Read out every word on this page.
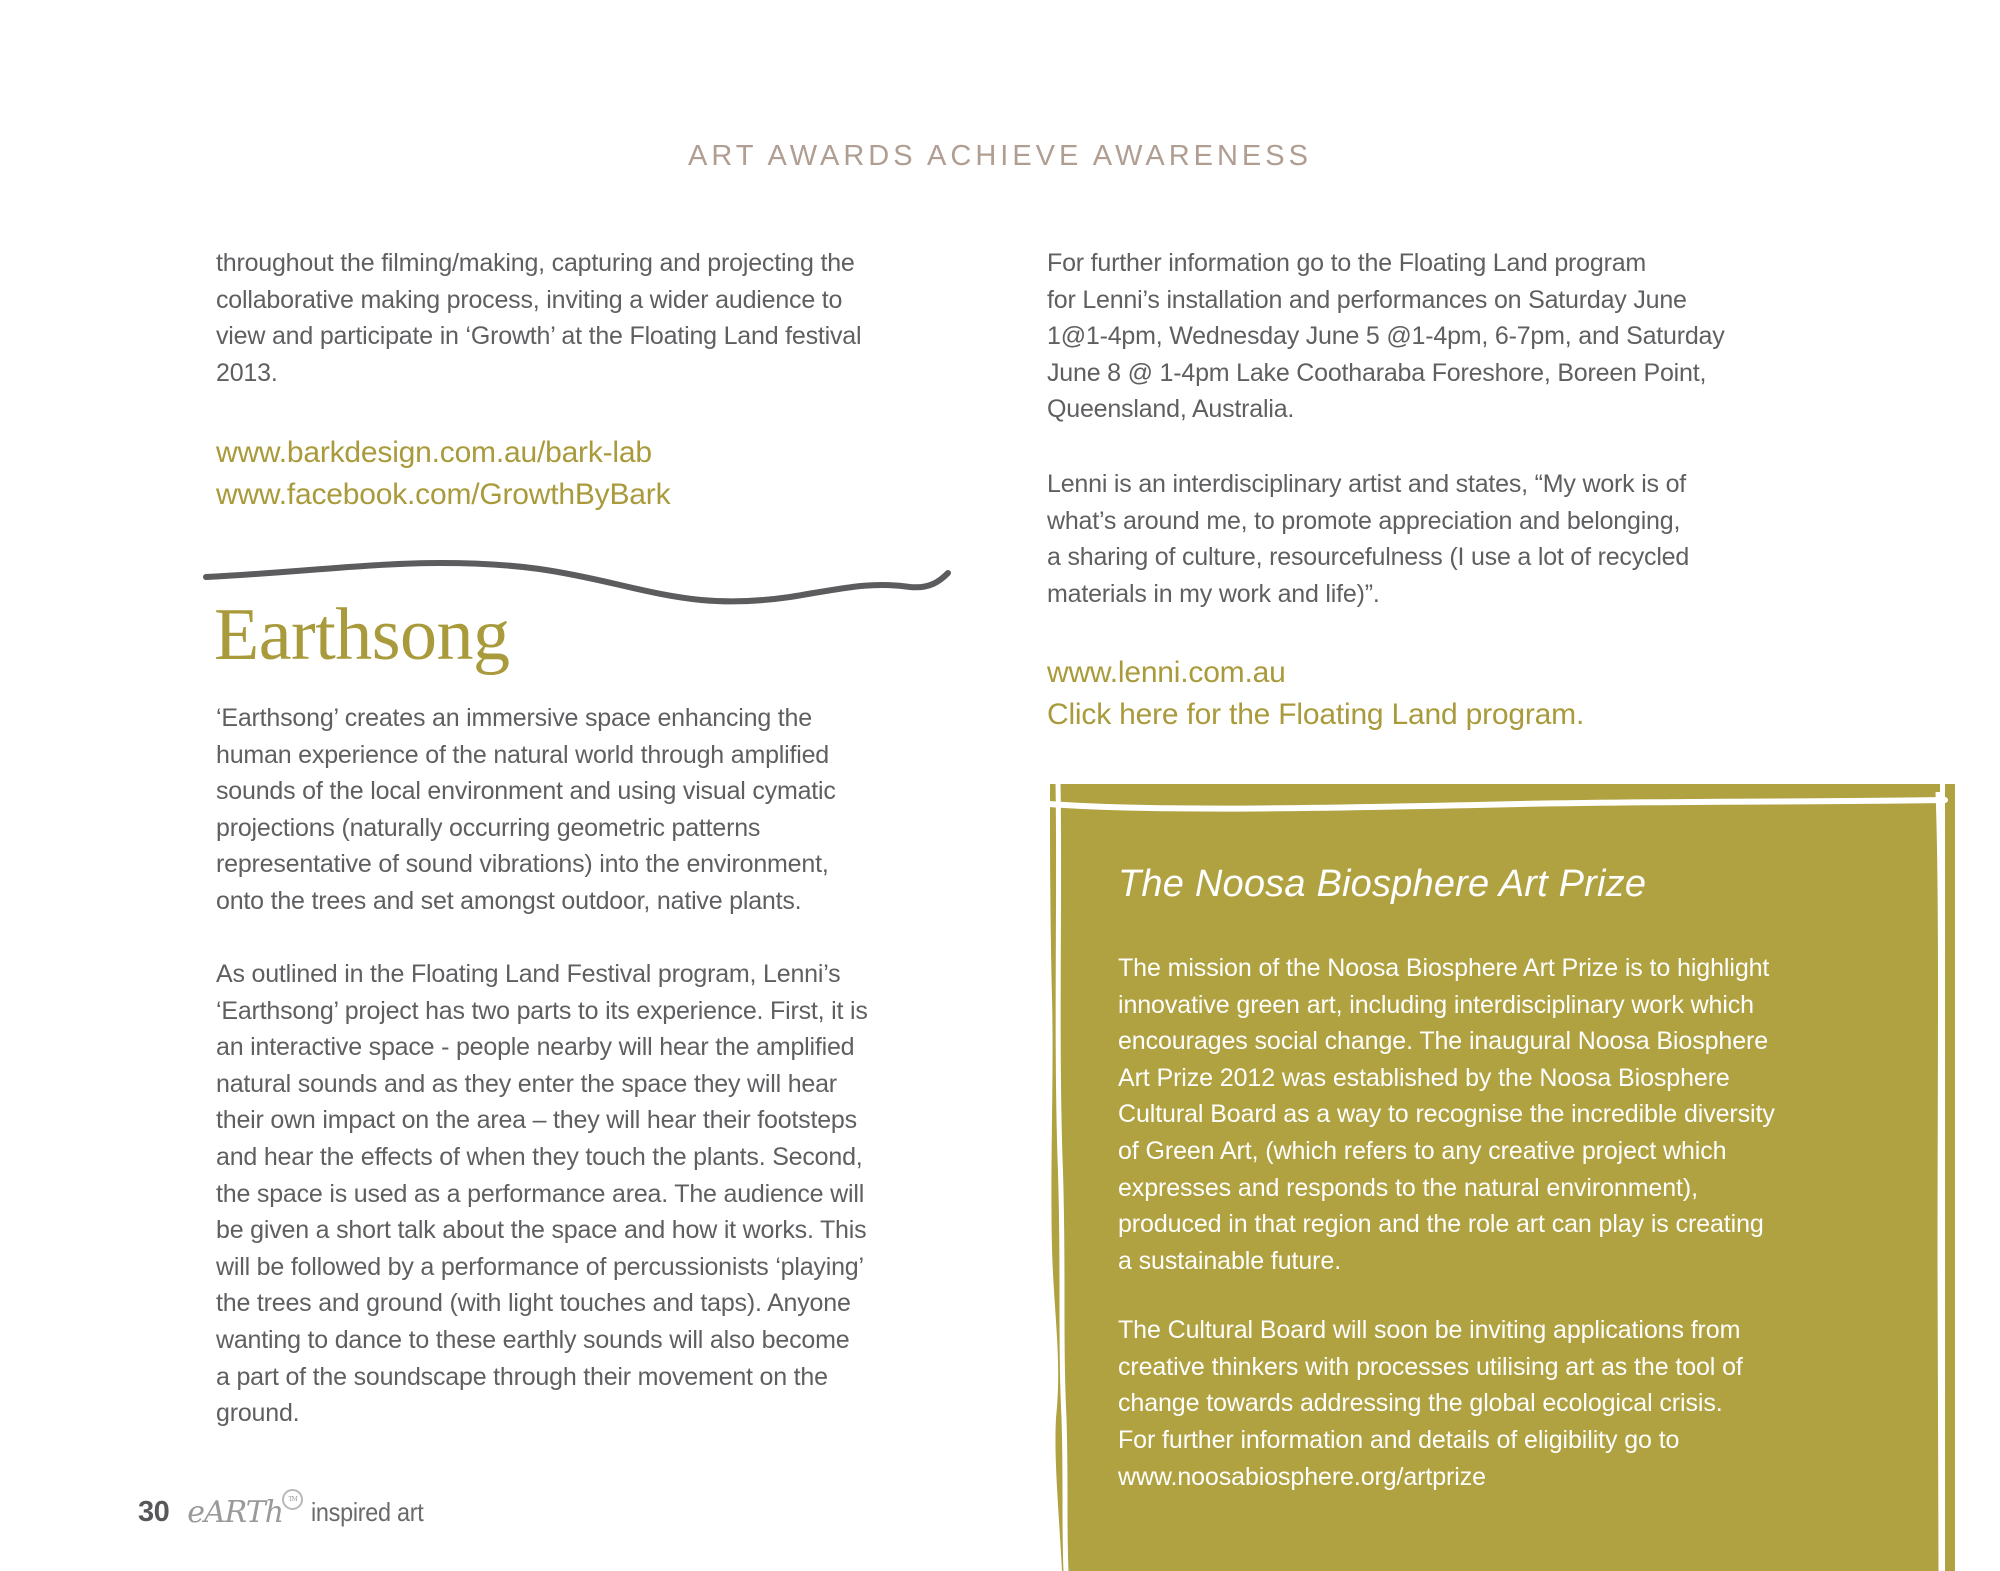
ART AWARDS ACHIEVE AWARENESS

throughout the filming/making, capturing and projecting the
collaborative making process, inviting a wider audience to
view and participate in ‘Growth’ at the Floating Land festival
2013.

www.barkdesign.com.au/bark-lab
www.facebook.com/GrowthByBark
Earthsong

‘Earthsong’ creates an immersive space enhancing the
human experience of the natural world through amplified
sounds of the local environment and using visual cymatic
projections (naturally occurring geometric patterns
representative of sound vibrations) into the environment,
onto the trees and set amongst outdoor, native plants.

As outlined in the Floating Land Festival program, Lenni’s
‘Earthsong’ project has two parts to its experience. First, it is
an interactive space - people nearby will hear the amplified
natural sounds and as they enter the space they will hear
their own impact on the area – they will hear their footsteps
and hear the effects of when they touch the plants. Second,
the space is used as a performance area. The audience will
be given a short talk about the space and how it works. This
will be followed by a performance of percussionists ‘playing’
the trees and ground (with light touches and taps). Anyone
wanting to dance to these earthly sounds will also become
a part of the soundscape through their movement on the
ground.

For further information go to the Floating Land program
for Lenni’s installation and performances on Saturday June
1@1-4pm, Wednesday June 5 @1-4pm, 6-7pm, and Saturday
June 8 @ 1-4pm Lake Cootharaba Foreshore, Boreen Point,
Queensland, Australia.

Lenni is an interdisciplinary artist and states, “My work is of
what’s around me, to promote appreciation and belonging,
a sharing of culture, resourcefulness (I use a lot of recycled
materials in my work and life)”.

www.lenni.com.au
Click here for the Floating Land program.
The Noosa Biosphere Art Prize

The mission of the Noosa Biosphere Art Prize is to highlight
innovative green art, including interdisciplinary work which
encourages social change. The inaugural Noosa Biosphere
Art Prize 2012 was established by the Noosa Biosphere
Cultural Board as a way to recognise the incredible diversity
of Green Art, (which refers to any creative project which
expresses and responds to the natural environment),
produced in that region and the role art can play is creating
a sustainable future.

The Cultural Board will soon be inviting applications from
creative thinkers with processes utilising art as the tool of
change towards addressing the global ecological crisis.

For further information and details of eligibility go to
www.noosabiosphere.org/artprize

30 eARTh TM inspired art
